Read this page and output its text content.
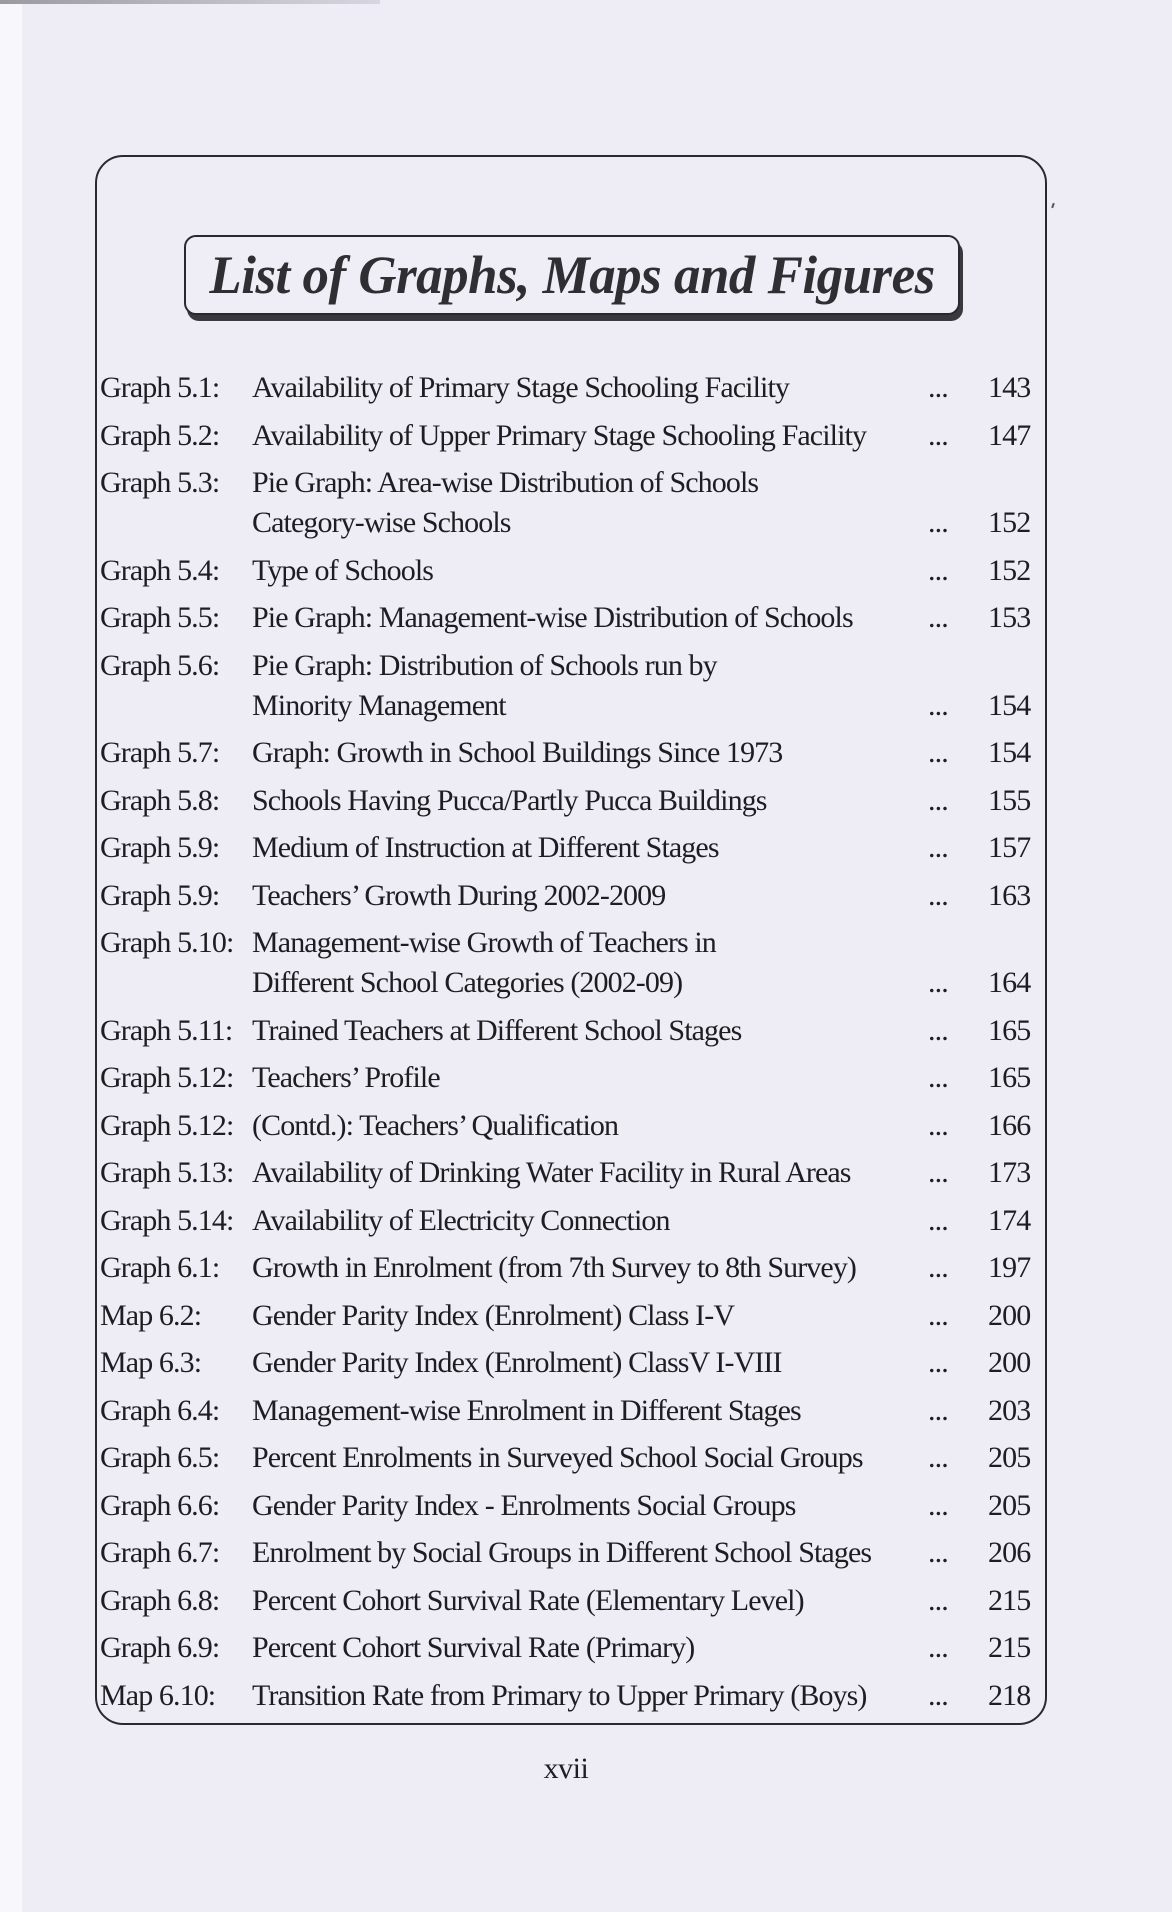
List of Graphs, Maps and Figures
Graph 5.1:	Availability of Primary Stage Schooling Facility	...	143
Graph 5.2:	Availability of Upper Primary Stage Schooling Facility	...	147
Graph 5.3:	Pie Graph: Area-wise Distribution of Schools
Category-wise Schools	...	152
Graph 5.4:	Type of Schools	...	152
Graph 5.5:	Pie Graph: Management-wise Distribution of Schools	...	153
Graph 5.6:	Pie Graph: Distribution of Schools run by
Minority Management	...	154
Graph 5.7:	Graph: Growth in School Buildings Since 1973	...	154
Graph 5.8:	Schools Having Pucca/Partly Pucca Buildings	...	155
Graph 5.9:	Medium of Instruction at Different Stages	...	157
Graph 5.9:	Teachers’ Growth During 2002-2009	...	163
Graph 5.10: Management-wise Growth of Teachers in
Different School Categories (2002-09)	...	164
Graph 5.11: Trained Teachers at Different School Stages	...	165
Graph 5.12: Teachers’ Profile	...	165
Graph 5.12: (Contd.): Teachers’ Qualification	...	166
Graph 5.13: Availability of Drinking Water Facility in Rural Areas	...	173
Graph 5.14: Availability of Electricity Connection	...	174
Graph 6.1:	Growth in Enrolment (from 7th Survey to 8th Survey)	...	197
Map 6.2:	Gender Parity Index (Enrolment) Class I-V	...	200
Map 6.3:	Gender Parity Index (Enrolment) ClassV I-VIII	...	200
Graph 6.4:	Management-wise Enrolment in Different Stages	...	203
Graph 6.5:	Percent Enrolments in Surveyed School Social Groups	...	205
Graph 6.6:	Gender Parity Index - Enrolments Social Groups	...	205
Graph 6.7:	Enrolment by Social Groups in Different School Stages	...	206
Graph 6.8:	Percent Cohort Survival Rate (Elementary Level)	...	215
Graph 6.9:	Percent Cohort Survival Rate (Primary)	...	215
Map 6.10:	Transition Rate from Primary to Upper Primary (Boys)	...	218
xvii
